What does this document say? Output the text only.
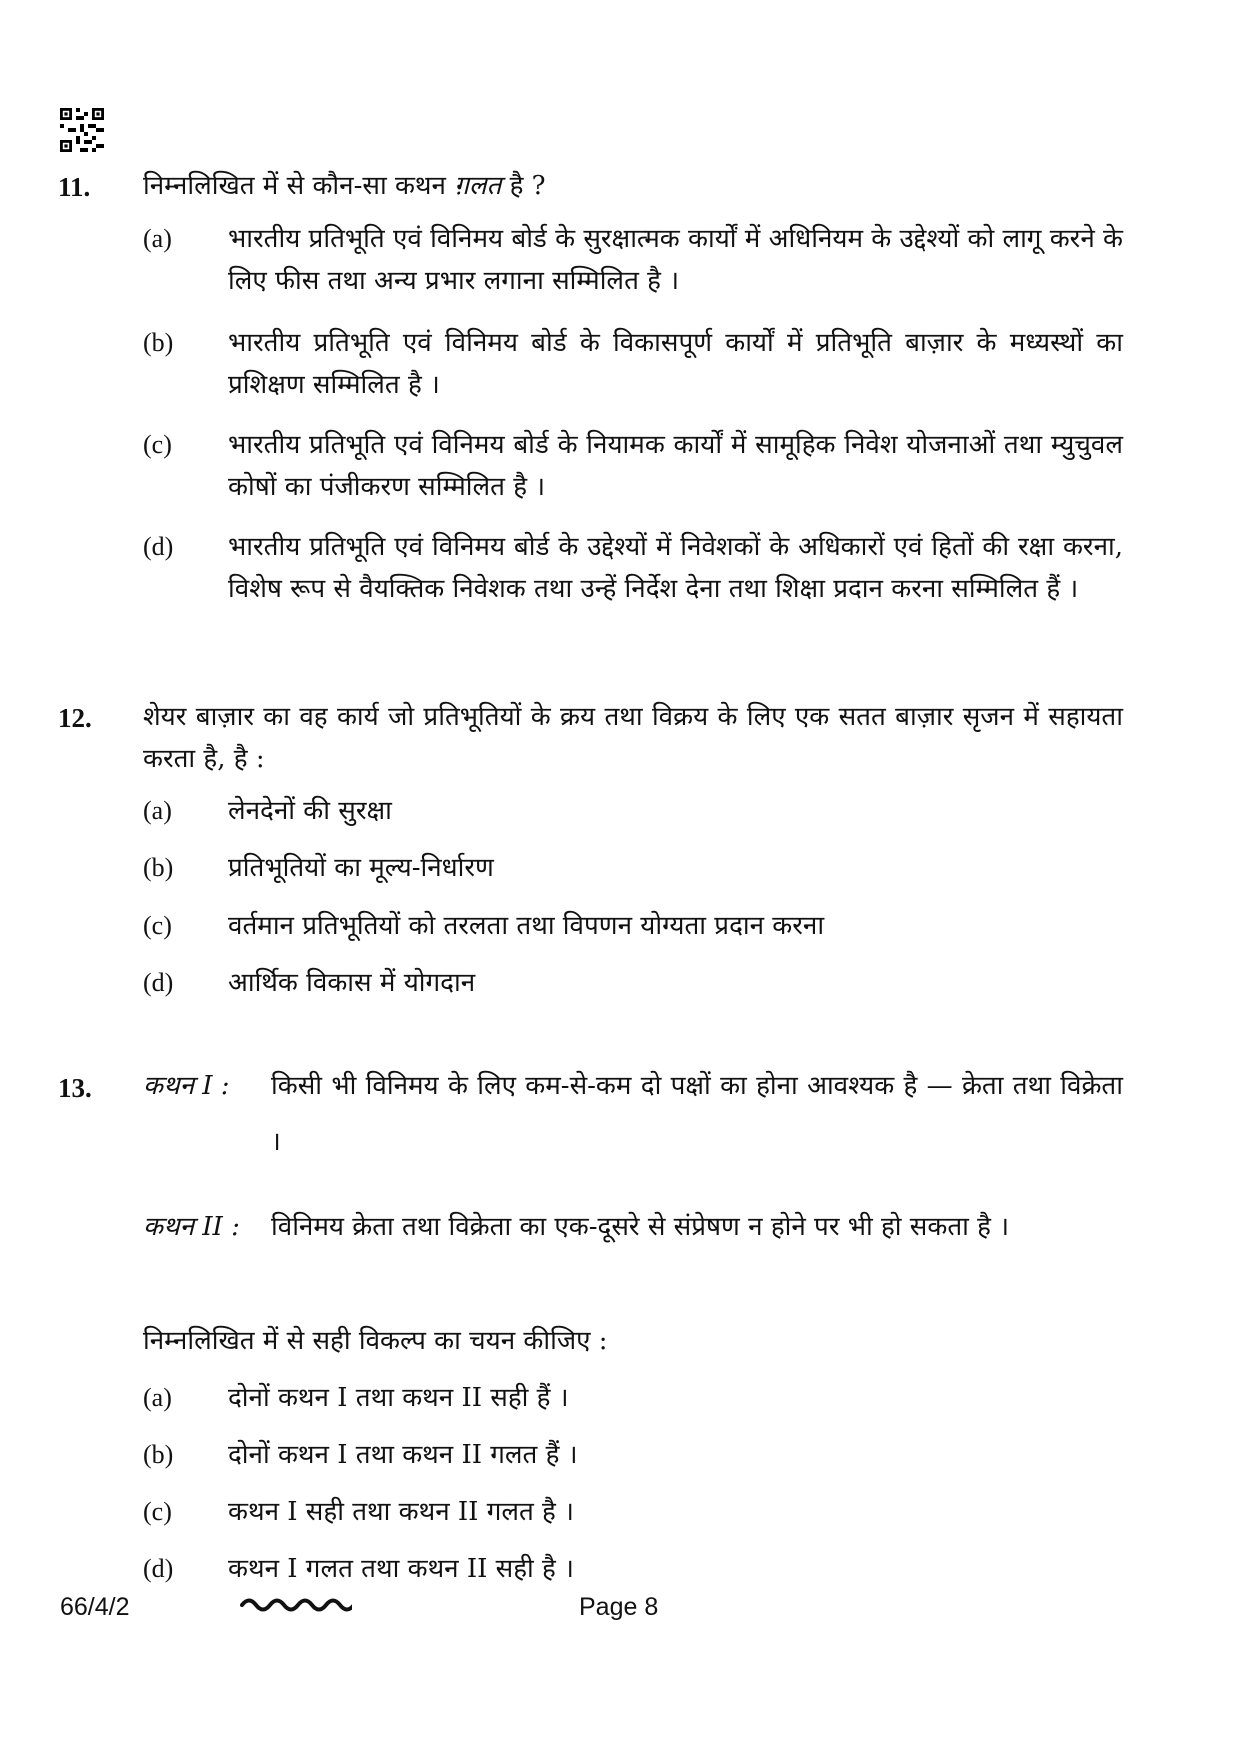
11. निम्नलिखित में से कौन-सा कथन ग़लत है ?
(a) भारतीय प्रतिभूति एवं विनिमय बोर्ड के सुरक्षात्मक कार्यों में अधिनियम के उद्देश्यों को लागू करने के लिए फीस तथा अन्य प्रभार लगाना सम्मिलित है ।
(b) भारतीय प्रतिभूति एवं विनिमय बोर्ड के विकासपूर्ण कार्यों में प्रतिभूति बाज़ार के मध्यस्थों का प्रशिक्षण सम्मिलित है ।
(c) भारतीय प्रतिभूति एवं विनिमय बोर्ड के नियामक कार्यों में सामूहिक निवेश योजनाओं तथा म्युचुवल कोषों का पंजीकरण सम्मिलित है ।
(d) भारतीय प्रतिभूति एवं विनिमय बोर्ड के उद्देश्यों में निवेशकों के अधिकारों एवं हितों की रक्षा करना, विशेष रूप से वैयक्तिक निवेशक तथा उन्हें निर्देश देना तथा शिक्षा प्रदान करना सम्मिलित हैं ।
12. शेयर बाज़ार का वह कार्य जो प्रतिभूतियों के क्रय तथा विक्रय के लिए एक सतत बाज़ार सृजन में सहायता करता है, है :
(a) लेनदेनों की सुरक्षा
(b) प्रतिभूतियों का मूल्य-निर्धारण
(c) वर्तमान प्रतिभूतियों को तरलता तथा विपणन योग्यता प्रदान करना
(d) आर्थिक विकास में योगदान
13. कथन I : किसी भी विनिमय के लिए कम-से-कम दो पक्षों का होना आवश्यक है — क्रेता तथा विक्रेता ।
कथन II : विनिमय क्रेता तथा विक्रेता का एक-दूसरे से संप्रेषण न होने पर भी हो सकता है ।
निम्नलिखित में से सही विकल्प का चयन कीजिए :
(a) दोनों कथन I तथा कथन II सही हैं ।
(b) दोनों कथन I तथा कथन II गलत हैं ।
(c) कथन I सही तथा कथन II गलत है ।
(d) कथन I गलत तथा कथन II सही है ।
66/4/2	Page 8
